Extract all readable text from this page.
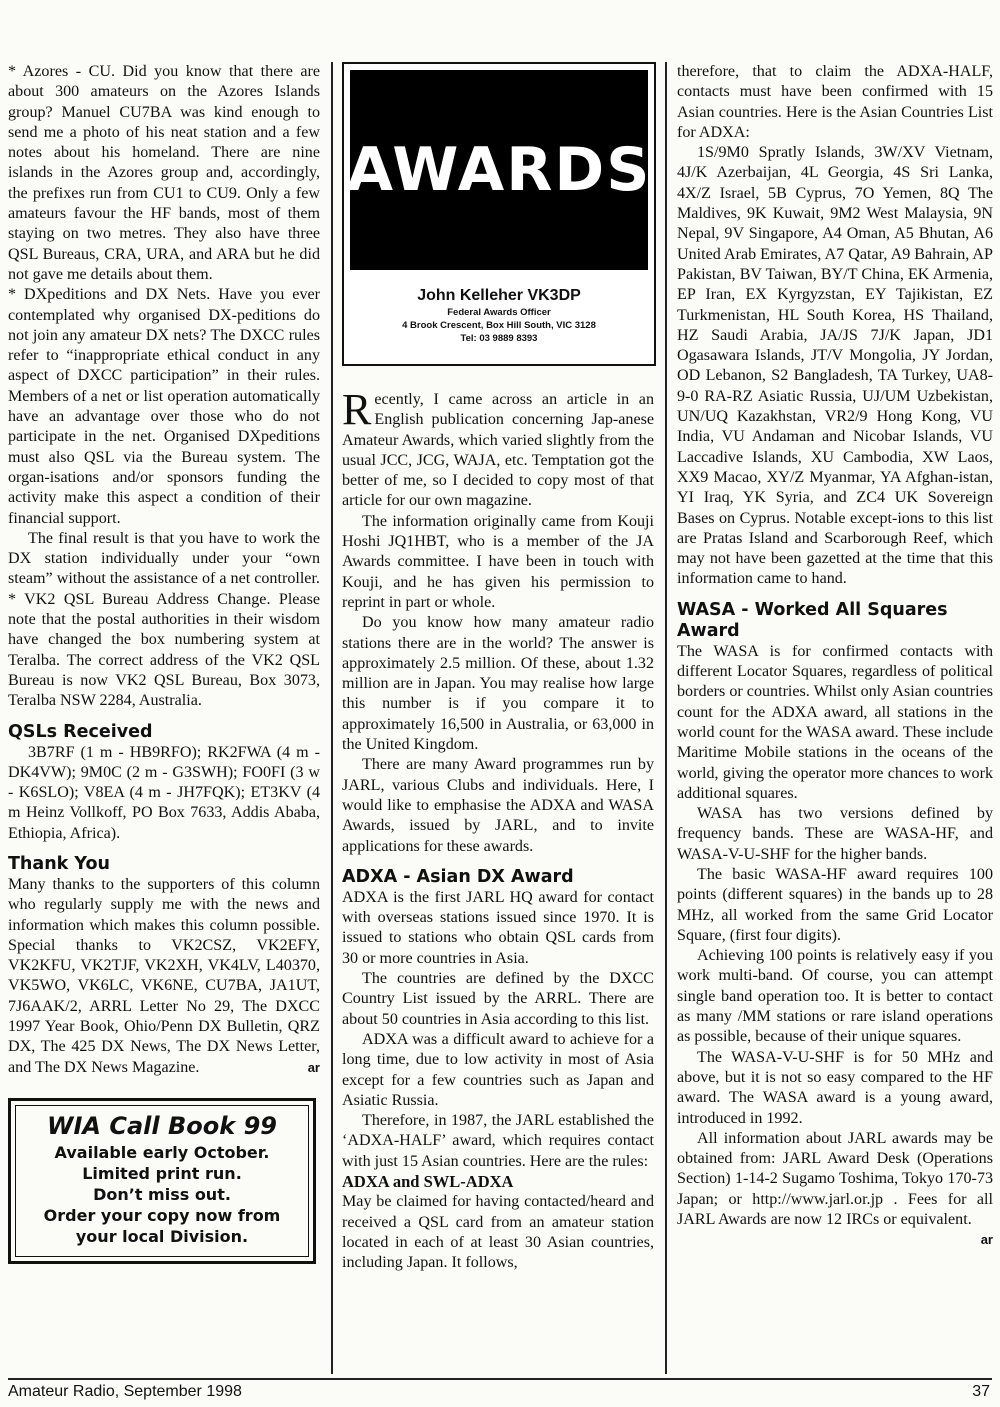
* Azores - CU. Did you know that there are about 300 amateurs on the Azores Islands group? Manuel CU7BA was kind enough to send me a photo of his neat station and a few notes about his homeland. There are nine islands in the Azores group and, accordingly, the prefixes run from CU1 to CU9. Only a few amateurs favour the HF bands, most of them staying on two metres. They also have three QSL Bureaus, CRA, URA, and ARA but he did not gave me details about them.

* DXpeditions and DX Nets. Have you ever contemplated why organised DX-peditions do not join any amateur DX nets? The DXCC rules refer to “inappropriate ethical conduct in any aspect of DXCC participation” in their rules. Members of a net or list operation automatically have an advantage over those who do not participate in the net. Organised DXpeditions must also QSL via the Bureau system. The organ-isations and/or sponsors funding the activity make this aspect a condition of their financial support.

The final result is that you have to work the DX station individually under your “own steam” without the assistance of a net controller.

* VK2 QSL Bureau Address Change. Please note that the postal authorities in their wisdom have changed the box numbering system at Teralba. The correct address of the VK2 QSL Bureau is now VK2 QSL Bureau, Box 3073, Teralba NSW 2284, Australia.

QSLs Received

3B7RF (1 m - HB9RFO); RK2FWA (4 m - DK4VW); 9M0C (2 m - G3SWH); FO0FI (3 w - K6SLO); V8EA (4 m - JH7FQK); ET3KV (4 m Heinz Vollkoff, PO Box 7633, Addis Ababa, Ethiopia, Africa).

Thank You

Many thanks to the supporters of this column who regularly supply me with the news and information which makes this column possible. Special thanks to VK2CSZ, VK2EFY, VK2KFU, VK2TJF, VK2XH, VK4LV, L40370, VK5WO, VK6LC, VK6NE, CU7BA, JA1UT, 7J6AAK/2, ARRL Letter No 29, The DXCC 1997 Year Book, Ohio/Penn DX Bulletin, QRZ DX, The 425 DX News, The DX News Letter, and The DX News Magazine.	ar

WIA Call Book 99
Available early October.
Limited print run.
Don’t miss out.
Order your copy now from
your local Division.
AWARDS
John Kelleher VK3DP
Federal Awards Officer
4 Brook Crescent, Box Hill South, VIC 3128
Tel: 03 9889 8393

Recently, I came across an article in an English publication concerning Jap-anese Amateur Awards, which varied slightly from the usual JCC, JCG, WAJA, etc. Temptation got the better of me, so I decided to copy most of that article for our own magazine.

The information originally came from Kouji Hoshi JQ1HBT, who is a member of the JA Awards committee. I have been in touch with Kouji, and he has given his permission to reprint in part or whole.

Do you know how many amateur radio stations there are in the world? The answer is approximately 2.5 million. Of these, about 1.32 million are in Japan. You may realise how large this number is if you compare it to approximately 16,500 in Australia, or 63,000 in the United Kingdom.

There are many Award programmes run by JARL, various Clubs and individuals. Here, I would like to emphasise the ADXA and WASA Awards, issued by JARL, and to invite applications for these awards.

ADXA - Asian DX Award

ADXA is the first JARL HQ award for contact with overseas stations issued since 1970. It is issued to stations who obtain QSL cards from 30 or more countries in Asia.

The countries are defined by the DXCC Country List issued by the ARRL. There are about 50 countries in Asia according to this list.

ADXA was a difficult award to achieve for a long time, due to low activity in most of Asia except for a few countries such as Japan and Asiatic Russia.

Therefore, in 1987, the JARL established the ‘ADXA-HALF’ award, which requires contact with just 15 Asian countries. Here are the rules:

ADXA and SWL-ADXA

May be claimed for having contacted/heard and received a QSL card from an amateur station located in each of at least 30 Asian countries, including Japan. It follows,

therefore, that to claim the ADXA-HALF, contacts must have been confirmed with 15 Asian countries. Here is the Asian Countries List for ADXA:

1S/9M0 Spratly Islands, 3W/XV Vietnam, 4J/K Azerbaijan, 4L Georgia, 4S Sri Lanka, 4X/Z Israel, 5B Cyprus, 7O Yemen, 8Q The Maldives, 9K Kuwait, 9M2 West Malaysia, 9N Nepal, 9V Singapore, A4 Oman, A5 Bhutan, A6 United Arab Emirates, A7 Qatar, A9 Bahrain, AP Pakistan, BV Taiwan, BY/T China, EK Armenia, EP Iran, EX Kyrgyzstan, EY Tajikistan, EZ Turkmenistan, HL South Korea, HS Thailand, HZ Saudi Arabia, JA/JS 7J/K Japan, JD1 Ogasawara Islands, JT/V Mongolia, JY Jordan, OD Lebanon, S2 Bangladesh, TA Turkey, UA8-9-0 RA-RZ Asiatic Russia, UJ/UM Uzbekistan, UN/UQ Kazakhstan, VR2/9 Hong Kong, VU India, VU Andaman and Nicobar Islands, VU Laccadive Islands, XU Cambodia, XW Laos, XX9 Macao, XY/Z Myanmar, YA Afghan-istan, YI Iraq, YK Syria, and ZC4 UK Sovereign Bases on Cyprus. Notable except-ions to this list are Pratas Island and Scarborough Reef, which may not have been gazetted at the time that this information came to hand.

WASA - Worked All Squares Award

The WASA is for confirmed contacts with different Locator Squares, regardless of political borders or countries. Whilst only Asian countries count for the ADXA award, all stations in the world count for the WASA award. These include Maritime Mobile stations in the oceans of the world, giving the operator more chances to work additional squares.

WASA has two versions defined by frequency bands. These are WASA-HF, and WASA-V-U-SHF for the higher bands.

The basic WASA-HF award requires 100 points (different squares) in the bands up to 28 MHz, all worked from the same Grid Locator Square, (first four digits).

Achieving 100 points is relatively easy if you work multi-band. Of course, you can attempt single band operation too. It is better to contact as many /MM stations or rare island operations as possible, because of their unique squares.

The WASA-V-U-SHF is for 50 MHz and above, but it is not so easy compared to the HF award. The WASA award is a young award, introduced in 1992.

All information about JARL awards may be obtained from: JARL Award Desk (Operations Section) 1-14-2 Sugamo Toshima, Tokyo 170-73 Japan; or http://www.jarl.or.jp . Fees for all JARL Awards are now 12 IRCs or equivalent.

ar
Amateur Radio, September 1998	37
